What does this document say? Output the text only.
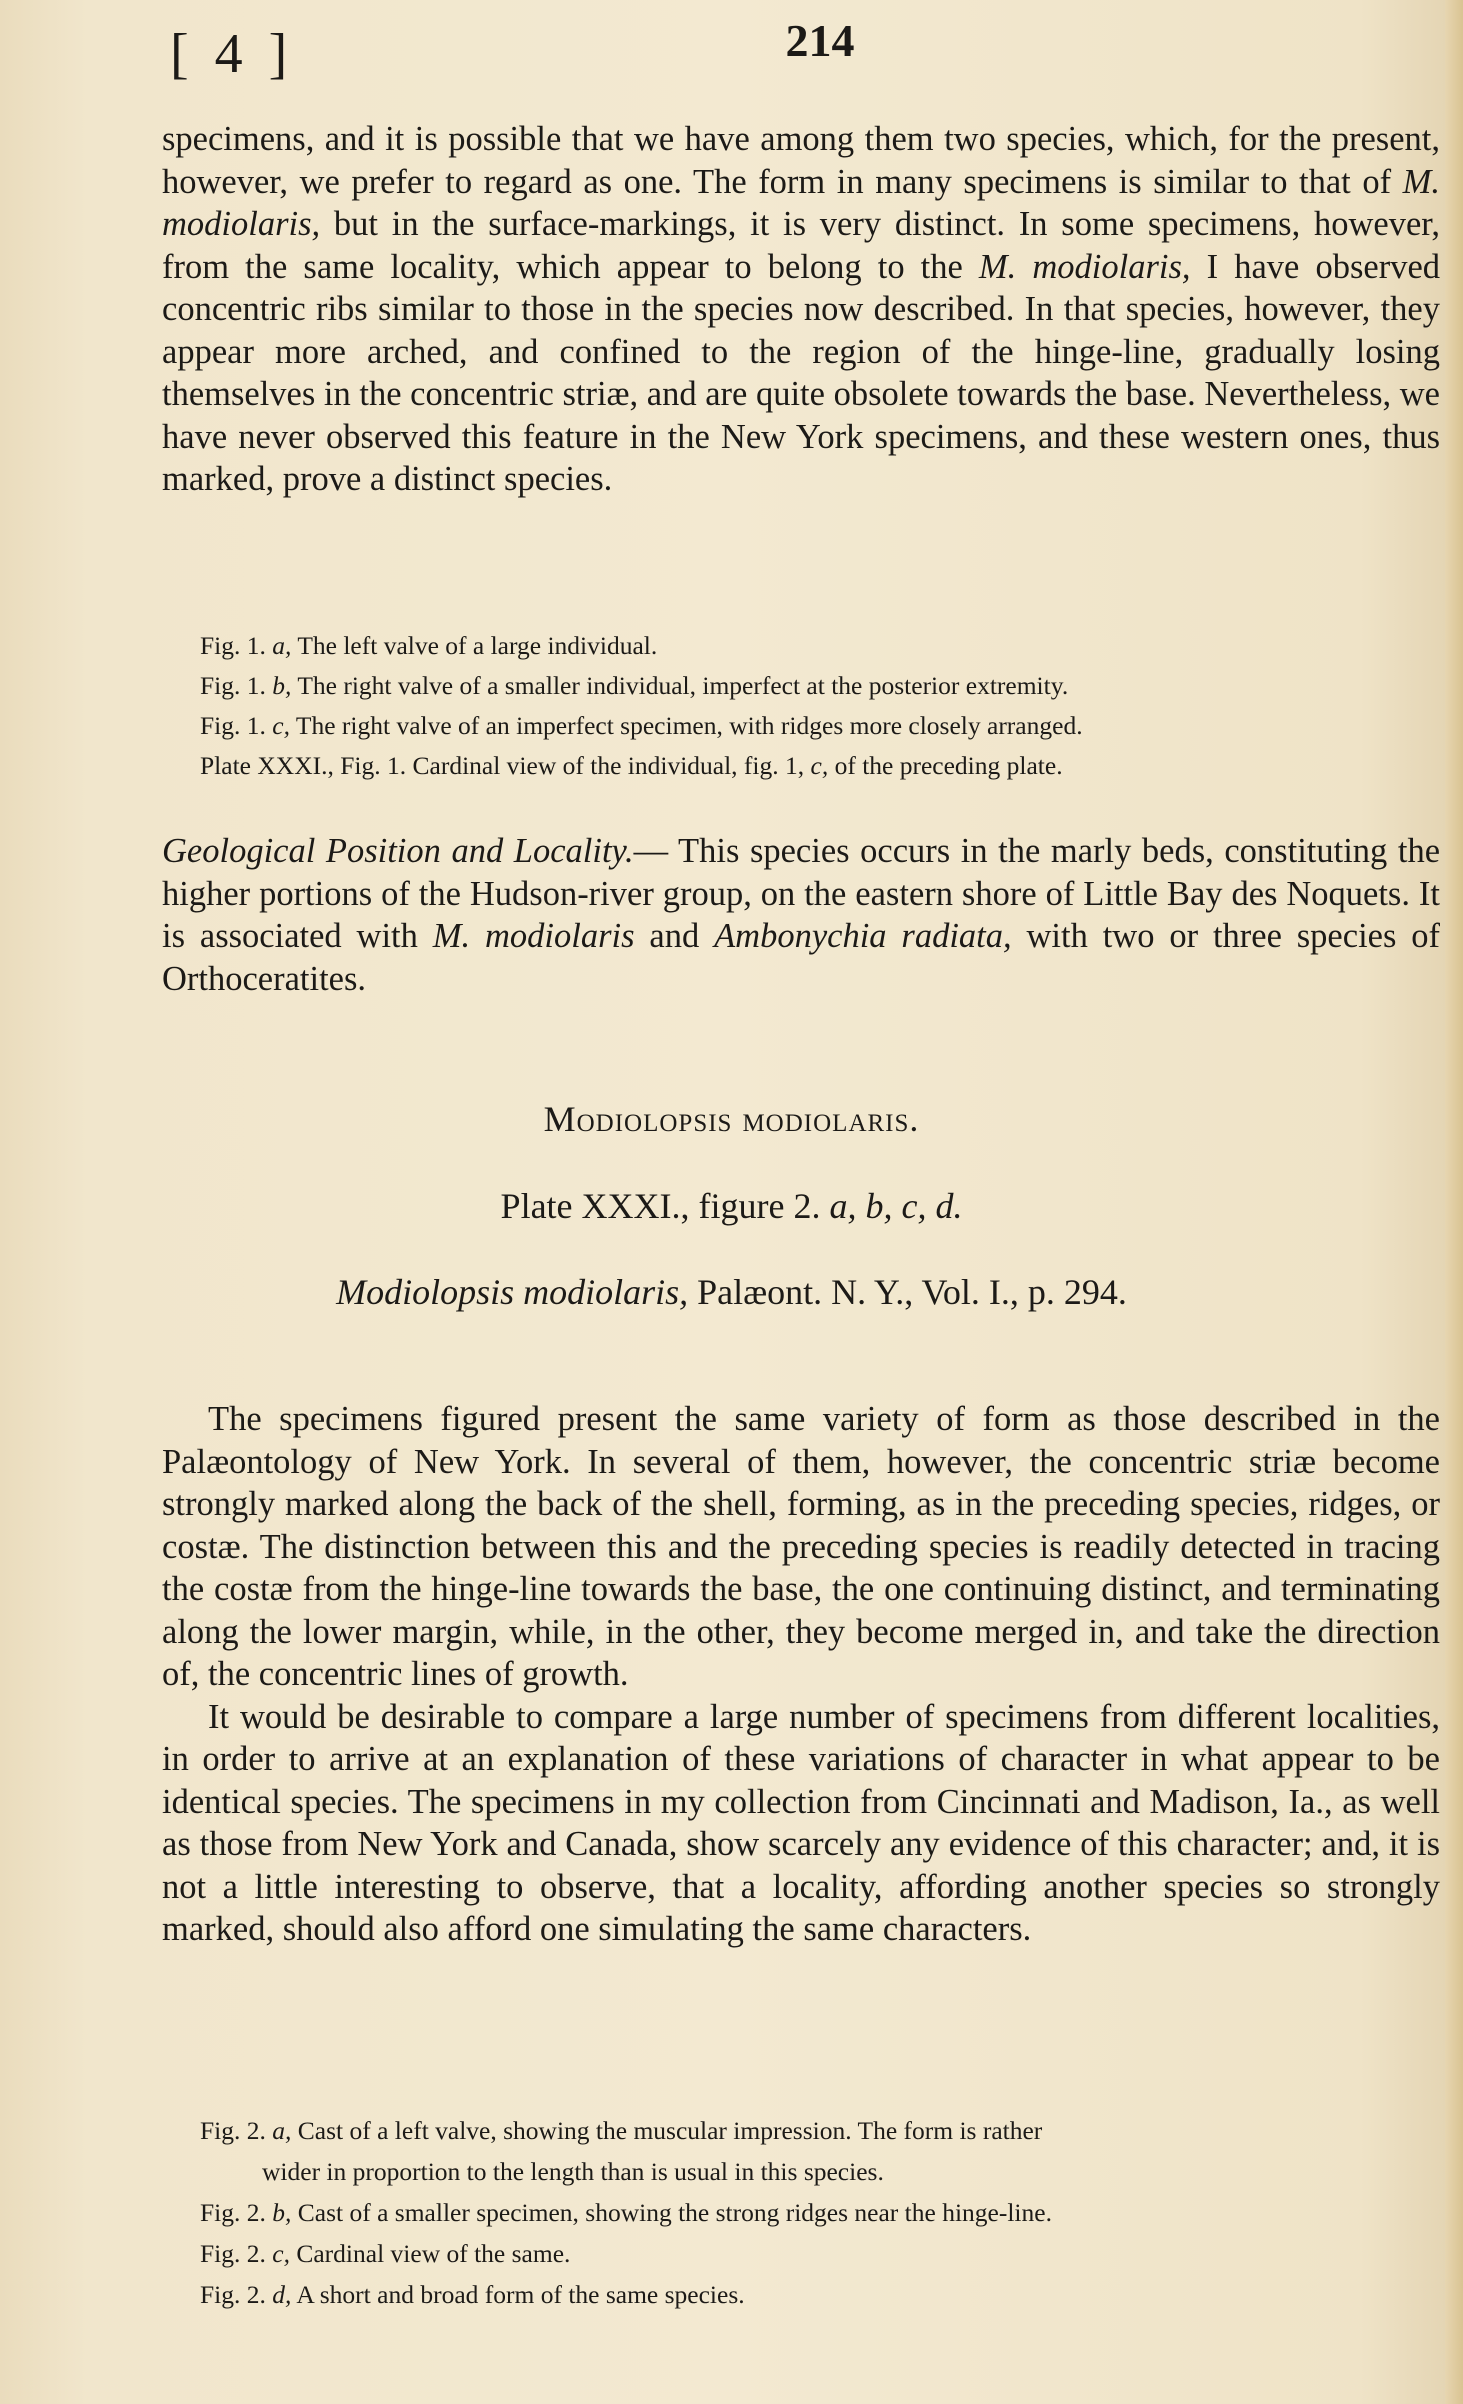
[ 4 ]	214

specimens, and it is possible that we have among them two species, which, for the present, however, we prefer to regard as one. The form in many specimens is similar to that of M. modiolaris, but in the surface-markings, it is very distinct. In some specimens, however, from the same locality, which appear to belong to the M. modiolaris, I have observed concentric ribs similar to those in the species now described. In that species, however, they appear more arched, and confined to the region of the hinge-line, gradually losing themselves in the concentric striæ, and are quite obsolete towards the base. Nevertheless, we have never observed this feature in the New York specimens, and these western ones, thus marked, prove a distinct species.

Fig. 1. a, The left valve of a large individual.
Fig. 1. b, The right valve of a smaller individual, imperfect at the posterior extremity.
Fig. 1. c, The right valve of an imperfect specimen, with ridges more closely arranged.
Plate XXXI., Fig. 1. Cardinal view of the individual, fig. 1, c, of the preceding plate.

Geological Position and Locality.— This species occurs in the marly beds, constituting the higher portions of the Hudson-river group, on the eastern shore of Little Bay des Noquets. It is associated with M. modiolaris and Ambonychia radiata, with two or three species of Orthoceratites.

Modiolopsis modiolaris.
Plate XXXI., figure 2. a, b, c, d.
Modiolopsis modiolaris, Palæont. N. Y., Vol. I., p. 294.

The specimens figured present the same variety of form as those described in the Palæontology of New York. In several of them, however, the concentric striæ become strongly marked along the back of the shell, forming, as in the preceding species, ridges, or costæ. The distinction between this and the preceding species is readily detected in tracing the costæ from the hinge-line towards the base, the one continuing distinct, and terminating along the lower margin, while, in the other, they become merged in, and take the direction of, the concentric lines of growth.

It would be desirable to compare a large number of specimens from different localities, in order to arrive at an explanation of these variations of character in what appear to be identical species. The specimens in my collection from Cincinnati and Madison, Ia., as well as those from New York and Canada, show scarcely any evidence of this character; and, it is not a little interesting to observe, that a locality, affording another species so strongly marked, should also afford one simulating the same characters.

Fig. 2. a, Cast of a left valve, showing the muscular impression. The form is rather
wider in proportion to the length than is usual in this species.
Fig. 2. b, Cast of a smaller specimen, showing the strong ridges near the hinge-line.
Fig. 2. c, Cardinal view of the same.
Fig. 2. d, A short and broad form of the same species.
